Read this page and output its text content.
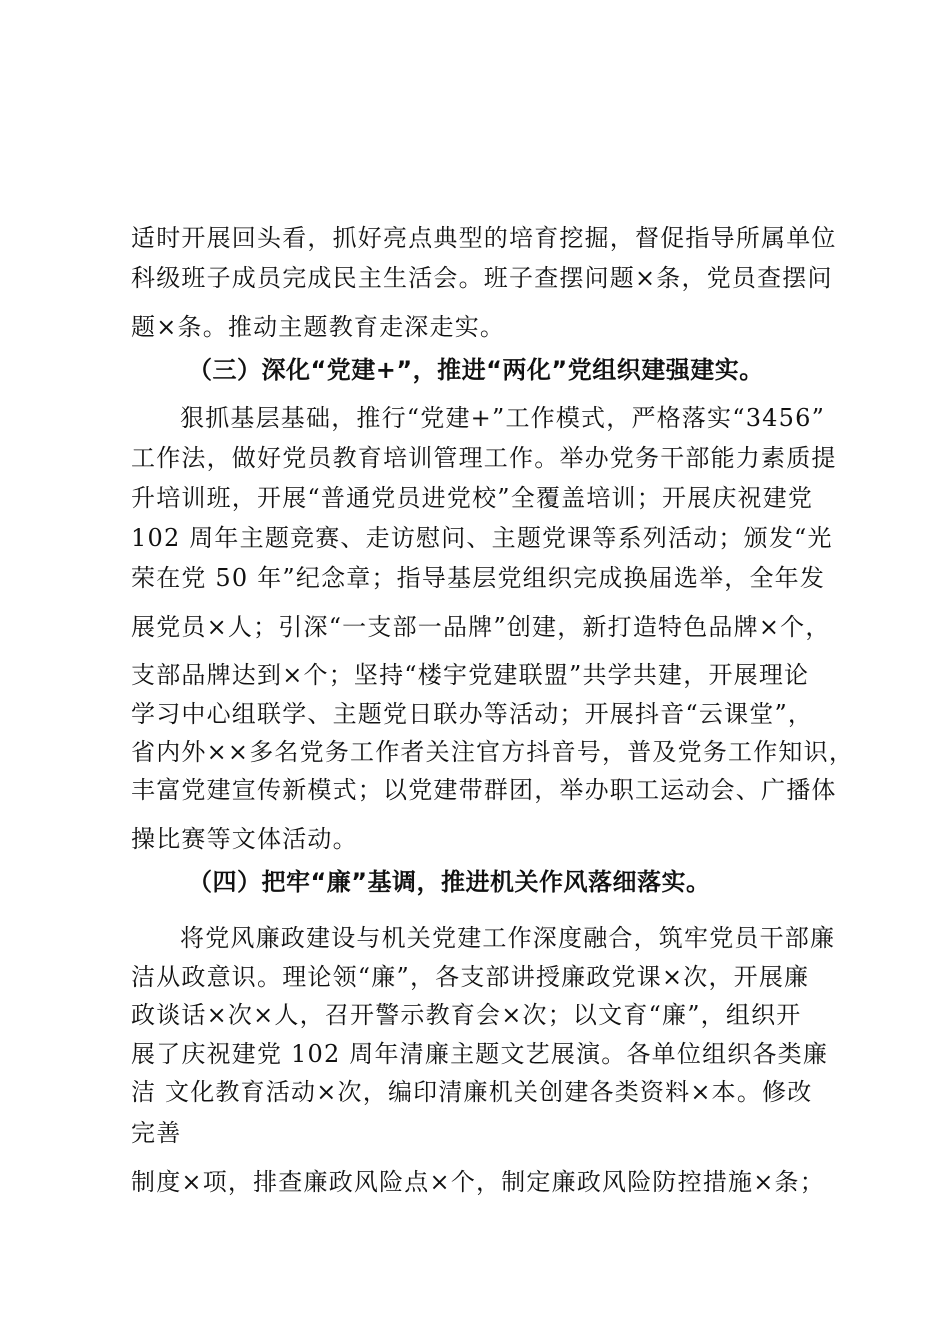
适时开展回头看，抓好亮点典型的培育挖掘，督促指导所属单位
科级班子成员完成民主生活会。班子查摆问题×条，党员查摆问
题×条。推动主题教育走深走实。
（三）深化“党建+”，推进“两化”党组织建强建实。
狠抓基层基础，推行“党建+”工作模式，严格落实“3456”
工作法，做好党员教育培训管理工作。举办党务干部能力素质提
升培训班，开展“普通党员进党校”全覆盖培训；开展庆祝建党
102 周年主题竞赛、走访慰问、主题党课等系列活动；颁发“光
荣在党 50 年”纪念章；指导基层党组织完成换届选举，全年发
展党员×人；引深“一支部一品牌”创建，新打造特色品牌×个，
支部品牌达到×个；坚持“楼宇党建联盟”共学共建，开展理论
学习中心组联学、主题党日联办等活动；开展抖音“云课堂”，
省内外××多名党务工作者关注官方抖音号，普及党务工作知识，
丰富党建宣传新模式；以党建带群团，举办职工运动会、广播体
操比赛等文体活动。
（四）把牢“廉”基调，推进机关作风落细落实。
将党风廉政建设与机关党建工作深度融合，筑牢党员干部廉
洁从政意识。理论领“廉”，各支部讲授廉政党课×次，开展廉
政谈话×次×人，召开警示教育会×次；以文育“廉”，组织开
展了庆祝建党 102 周年清廉主题文艺展演。各单位组织各类廉
洁 文化教育活动×次，编印清廉机关创建各类资料×本。修改
完善
制度×项，排查廉政风险点×个，制定廉政风险防控措施×条；
